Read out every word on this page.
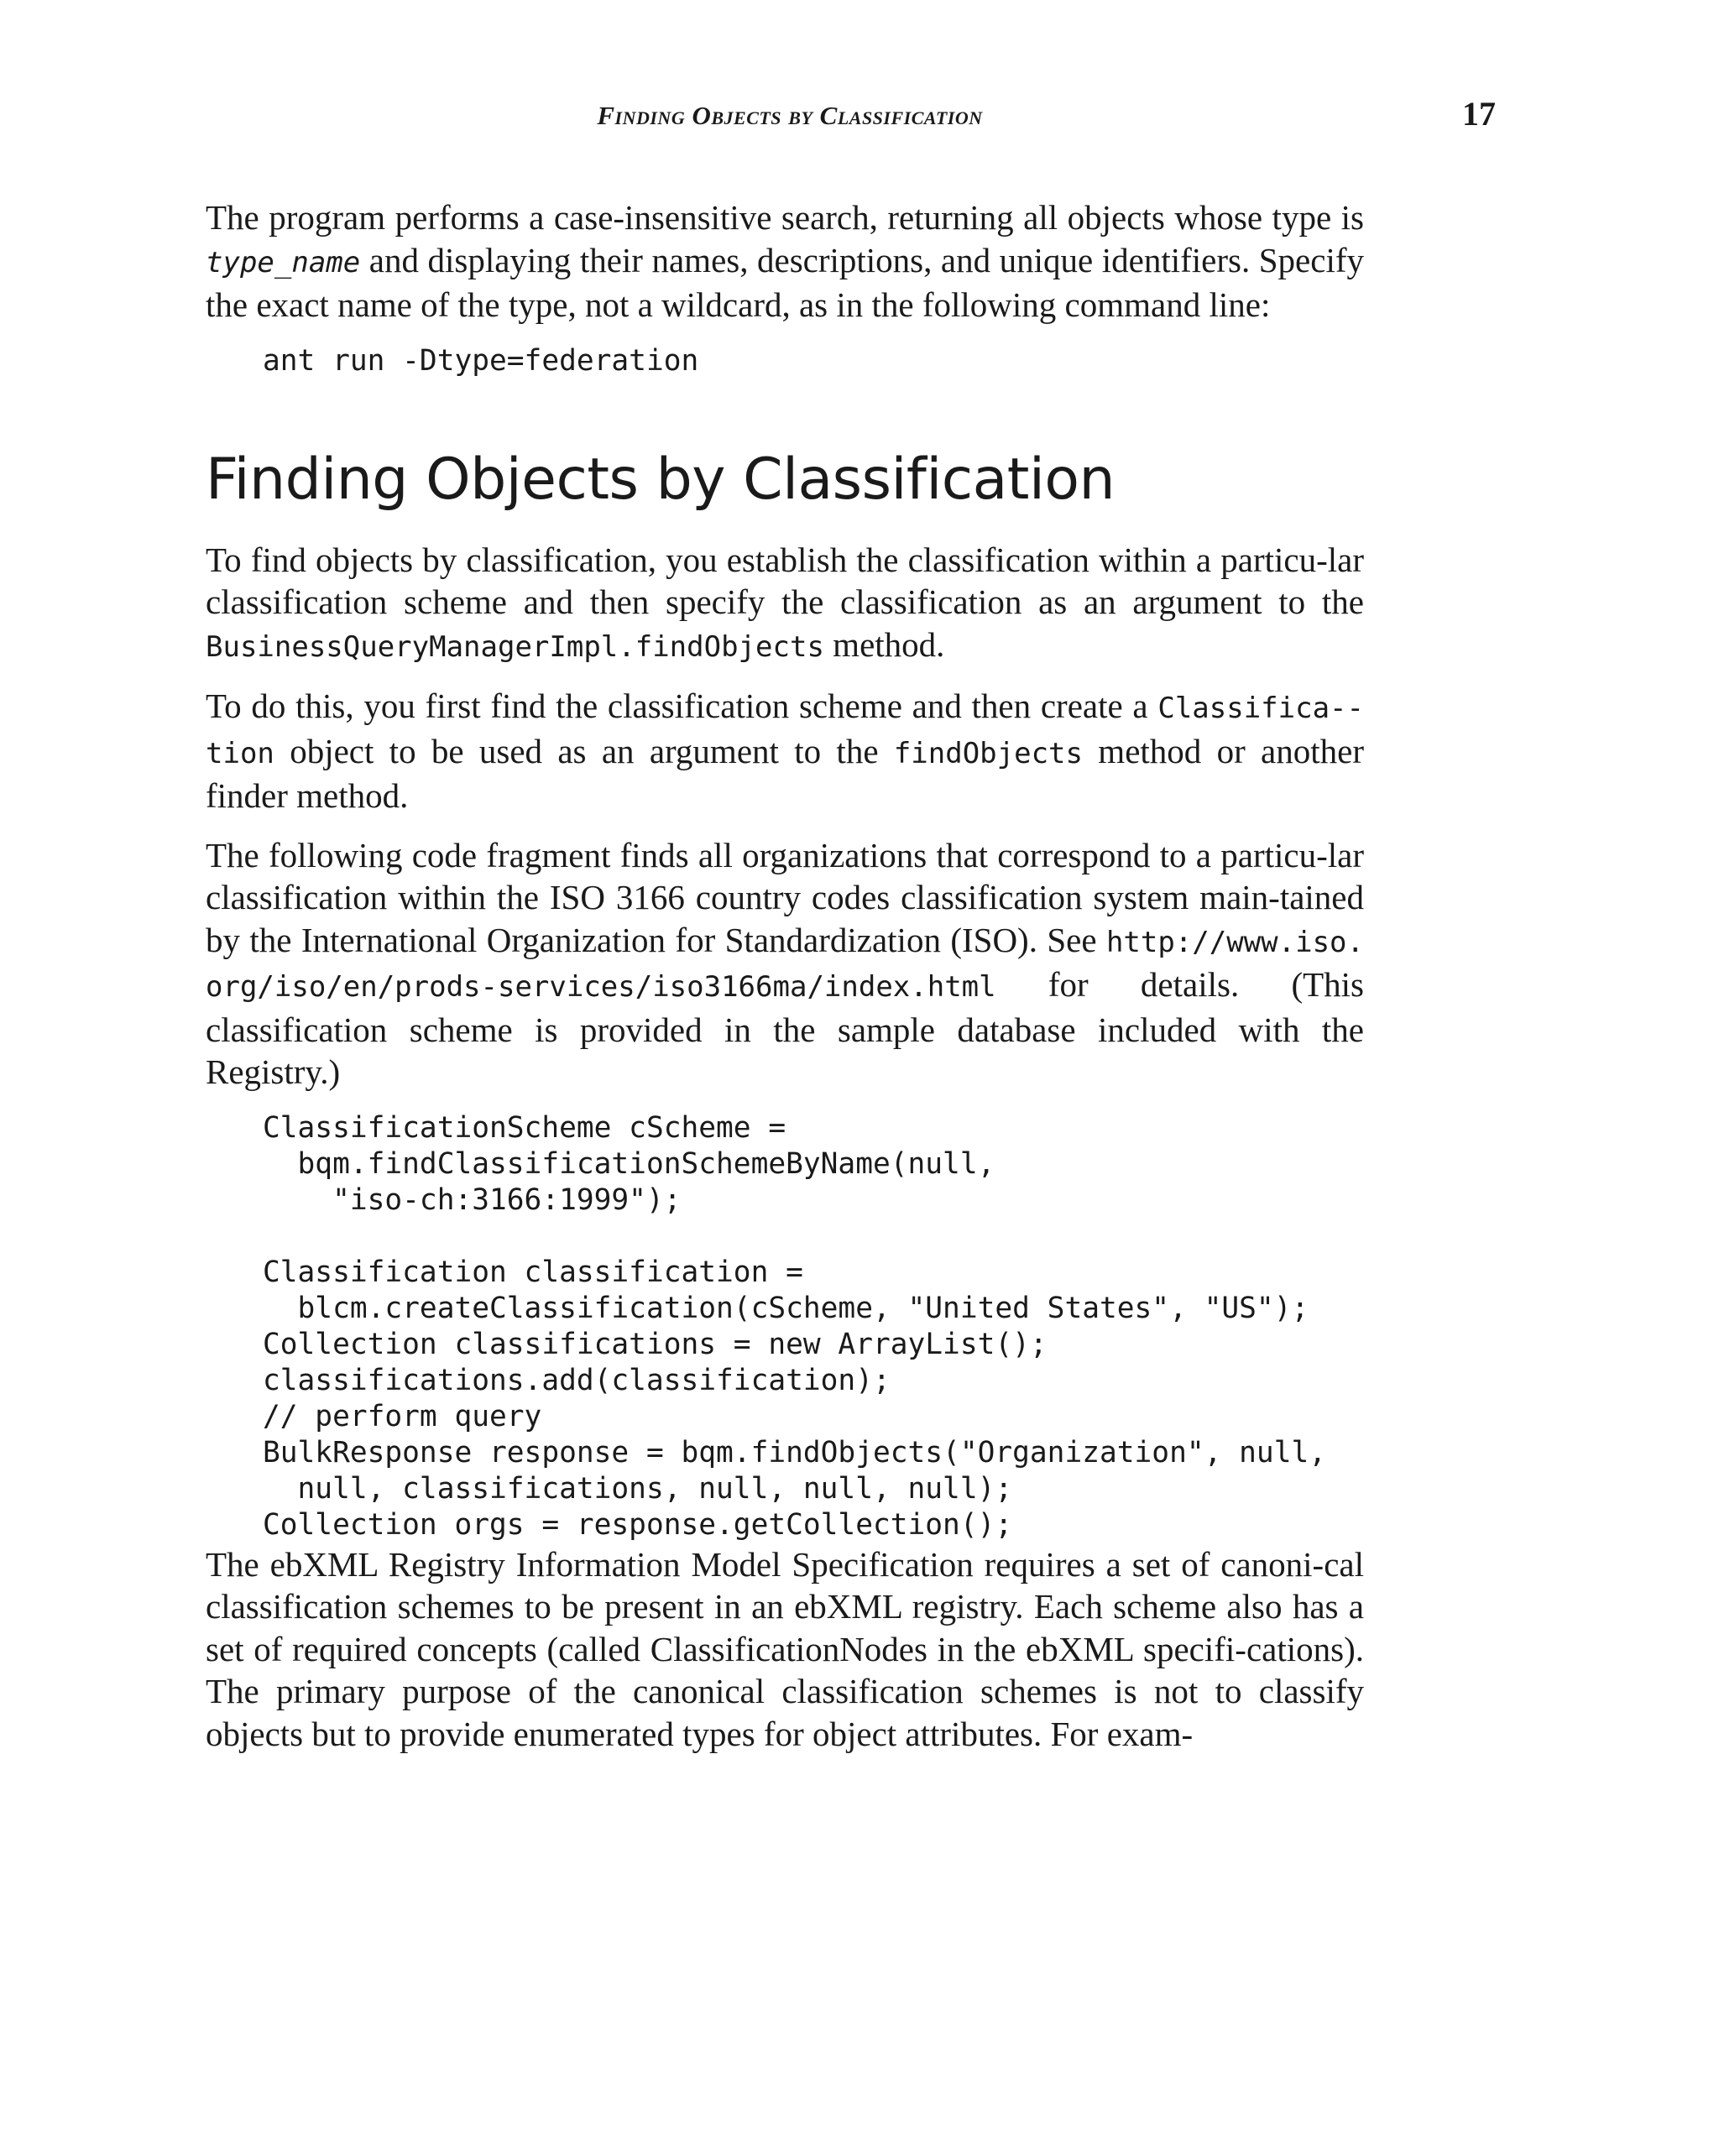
Finding Objects by Classification	17

The program performs a case-insensitive search, returning all objects whose type is type_name and displaying their names, descriptions, and unique identifiers. Specify the exact name of the type, not a wildcard, as in the following command line:

ant run -Dtype=federation
Finding Objects by Classification

To find objects by classification, you establish the classification within a particu-lar classification scheme and then specify the classification as an argument to the BusinessQueryManagerImpl.findObjects method.

To do this, you first find the classification scheme and then create a Classifica-tion object to be used as an argument to the findObjects method or another finder method.

The following code fragment finds all organizations that correspond to a particu-lar classification within the ISO 3166 country codes classification system main-tained by the International Organization for Standardization (ISO). See http://www.iso.org/iso/en/prods-services/iso3166ma/index.html for details. (This classification scheme is provided in the sample database included with the Registry.)

ClassificationScheme cScheme =
bqm.findClassificationSchemeByName(null,
"iso-ch:3166:1999");
Classification classification =
blcm.createClassification(cScheme, "United States", "US");
Collection classifications = new ArrayList();
classifications.add(classification);
// perform query
BulkResponse response = bqm.findObjects("Organization", null,
null, classifications, null, null, null);
Collection orgs = response.getCollection();

The ebXML Registry Information Model Specification requires a set of canoni-cal classification schemes to be present in an ebXML registry. Each scheme also has a set of required concepts (called ClassificationNodes in the ebXML specifi-cations). The primary purpose of the canonical classification schemes is not to classify objects but to provide enumerated types for object attributes. For exam-
